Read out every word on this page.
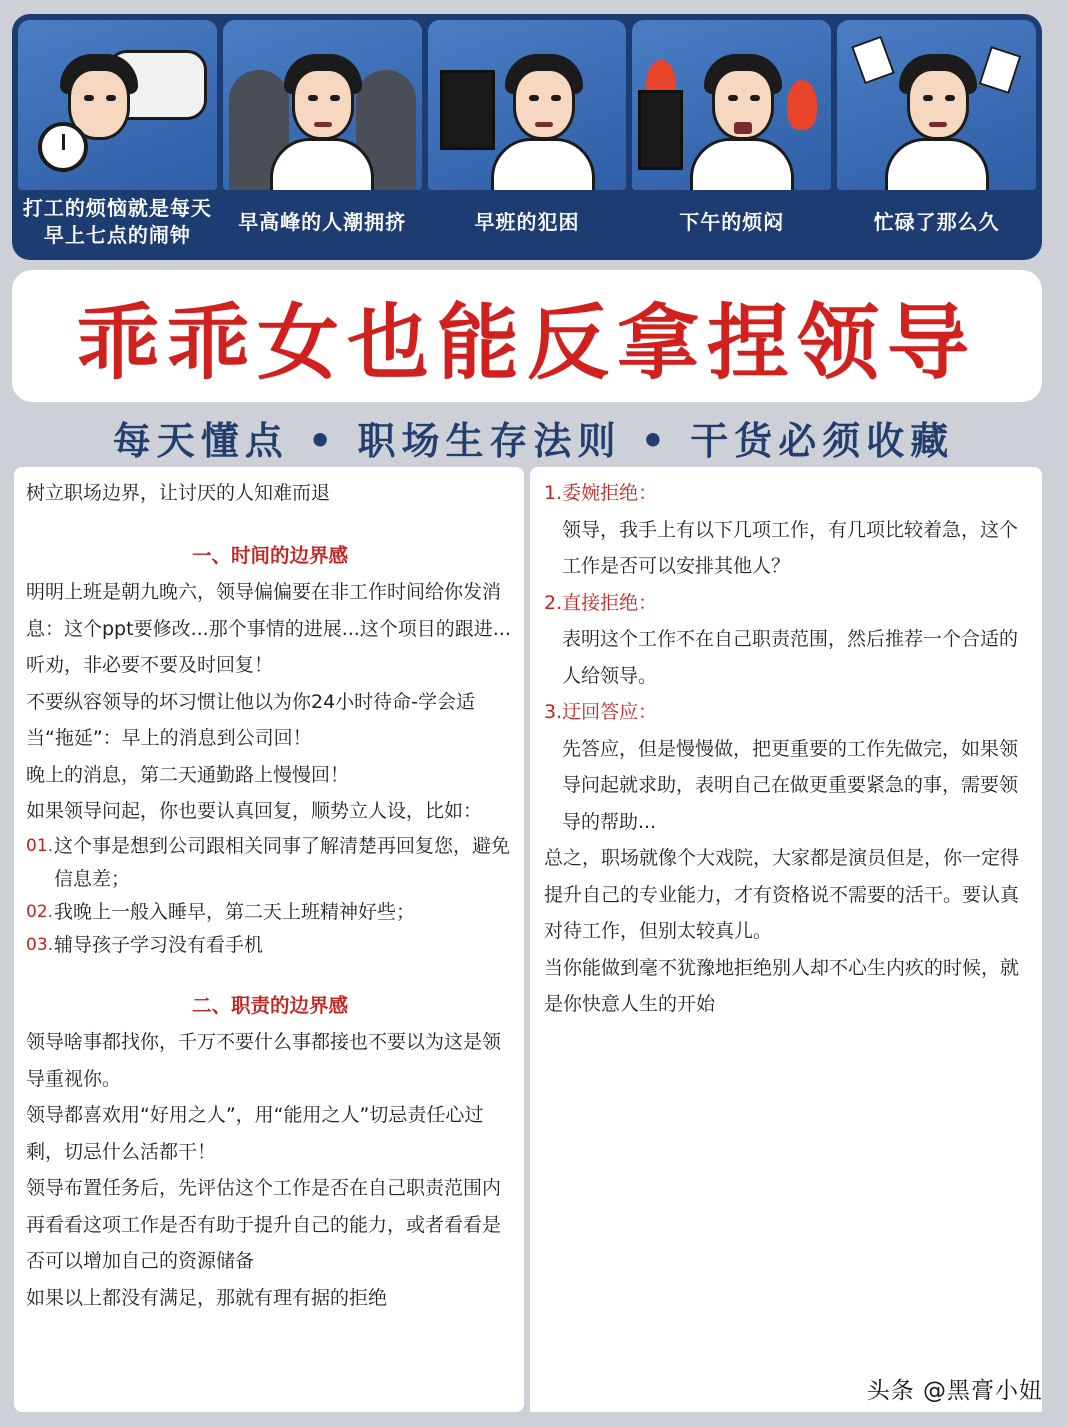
打工的烦恼就是每天早上七点的闹钟
早高峰的人潮拥挤	早班的犯困	下午的烦闷	忙碌了那么久
乖乖女也能反拿捏领导
每天懂点 • 职场生存法则 • 干货必须收藏
树立职场边界，让讨厌的人知难而退
一、时间的边界感
明明上班是朝九晚六，领导偏偏要在非工作时间给你发消息：这个ppt要修改...那个事情的进展...这个项目的跟进...听劝，非必要不要及时回复！
不要纵容领导的坏习惯让他以为你24小时待命-学会适当“拖延”：早上的消息到公司回！
晚上的消息，第二天通勤路上慢慢回！
如果领导问起，你也要认真回复，顺势立人设，比如：
01. 这个事是想到公司跟相关同事了解清楚再回复您，避免信息差；
02. 我晚上一般入睡早，第二天上班精神好些；
03. 辅导孩子学习没有看手机
二、职责的边界感
领导啥事都找你，千万不要什么事都接也不要以为这是领导重视你。
领导都喜欢用“好用之人”，用“能用之人”切忌责任心过剩，切忌什么活都干！
领导布置任务后，先评估这个工作是否在自己职责范围内
再看看这项工作是否有助于提升自己的能力，或者看看是否可以增加自己的资源储备
如果以上都没有满足，那就有理有据的拒绝
1.委婉拒绝：
领导，我手上有以下几项工作，有几项比较着急，这个工作是否可以安排其他人？
2.直接拒绝：
表明这个工作不在自己职责范围，然后推荐一个合适的人给领导。
3.迂回答应：
先答应，但是慢慢做，把更重要的工作先做完，如果领导问起就求助，表明自己在做更重要紧急的事，需要领导的帮助...
总之，职场就像个大戏院，大家都是演员但是，你一定得提升自己的专业能力，才有资格说不需要的活干。要认真对待工作，但别太较真儿。
当你能做到毫不犹豫地拒绝别人却不心生内疚的时候，就是你快意人生的开始
头条 @黑膏小妞
